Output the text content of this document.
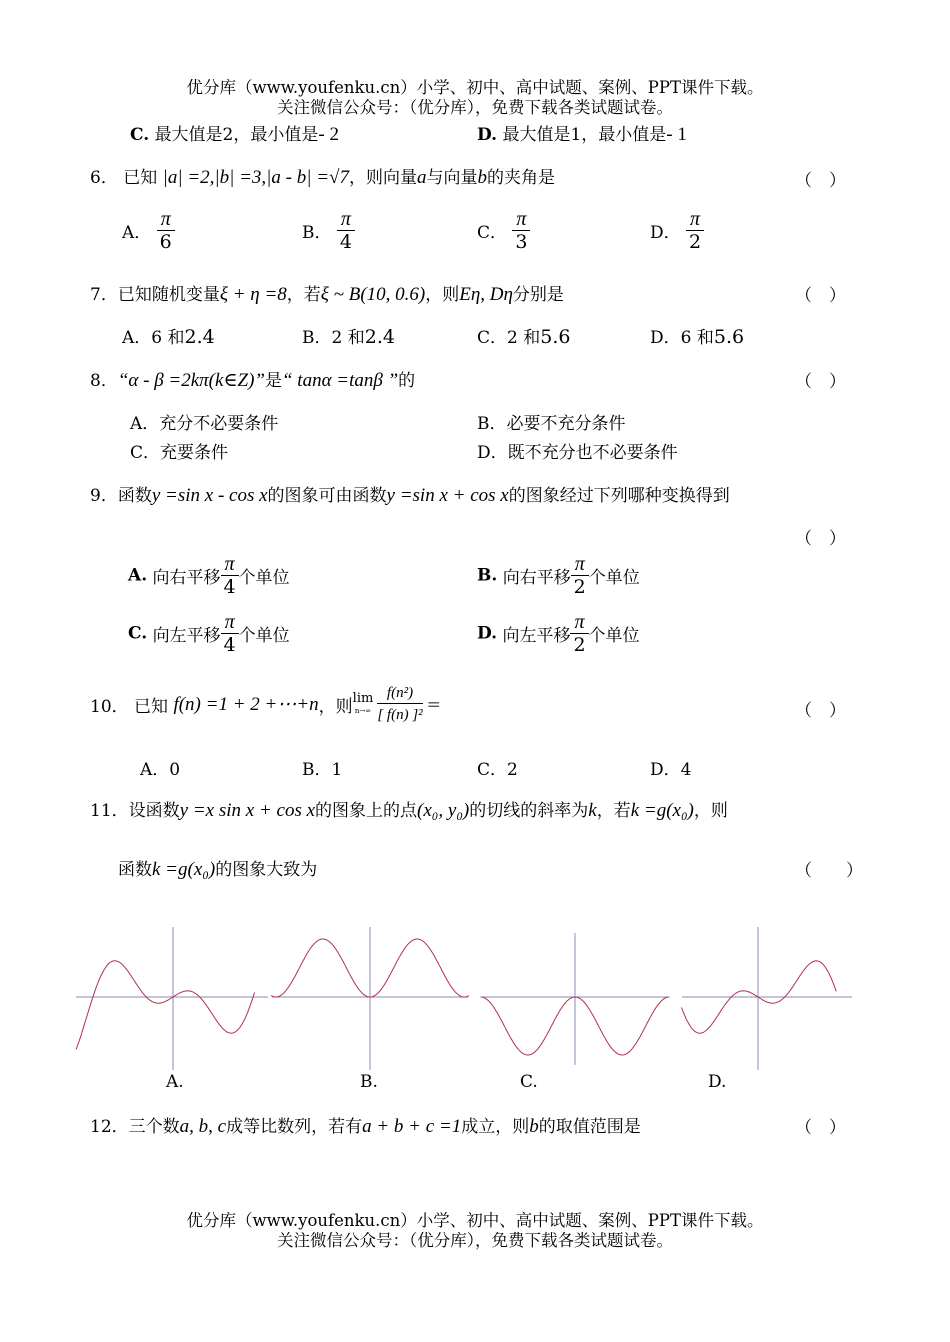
优分库（www.youfenku.cn）小学、初中、高中试题、案例、PPT课件下载。
关注微信公众号：（优分库），免费下载各类试题试卷。
C. 最大值是2，最小值是- 2	D. 最大值是1，最小值是- 1
6． 已知 |a| =2,|b| =3,|a - b| =√7，则向量a与向量b的夹角是	（　）
A． $\frac{\pi}{6}$	B． $\frac{\pi}{4}$	C． $\frac{\pi}{3}$	D． $\frac{\pi}{2}$
7．已知随机变量ξ + η =8，若ξ ~ B(10, 0.6)，则Eη, Dη分别是	（　）
A．6 和2.4	B．2 和2.4	C．2 和5.6	D．6 和5.6
8．“α - β =2kπ(k∈Z)”是“ tanα =tanβ ”的	（　）
A．充分不必要条件	B．必要不充分条件
C．充要条件	D．既不充分也不必要条件
9．函数y =sin x - cos x的图象可由函数y =sin x + cos x的图象经过下列哪种变换得到
（　）
A. 向右平移 $\frac{\pi}{4}$ 个单位	B. 向右平移 $\frac{\pi}{2}$ 个单位
C. 向左平移 $\frac{\pi}{4}$ 个单位	D. 向左平移 $\frac{\pi}{2}$ 个单位
10． 已知 f(n) =1 + 2 +⋯+n，则 lim
$n\to\infty \frac{\text{f(n²)}}{\text{[ f(n) ]²}}$ =	（　）
A．0	B．1	C．2	D．4
11．设函数y =x sin x + cos x的图象上的点(x₀, y₀)的切线的斜率为k，若k =g(x₀)，则
函数k =g(x₀)的图象大致为	（　　）
A.	B.	C.	D.
12．三个数a, b, c成等比数列，若有a + b + c =1成立，则b的取值范围是	（　）
优分库（www.youfenku.cn）小学、初中、高中试题、案例、PPT课件下载。
关注微信公众号：（优分库），免费下载各类试题试卷。
